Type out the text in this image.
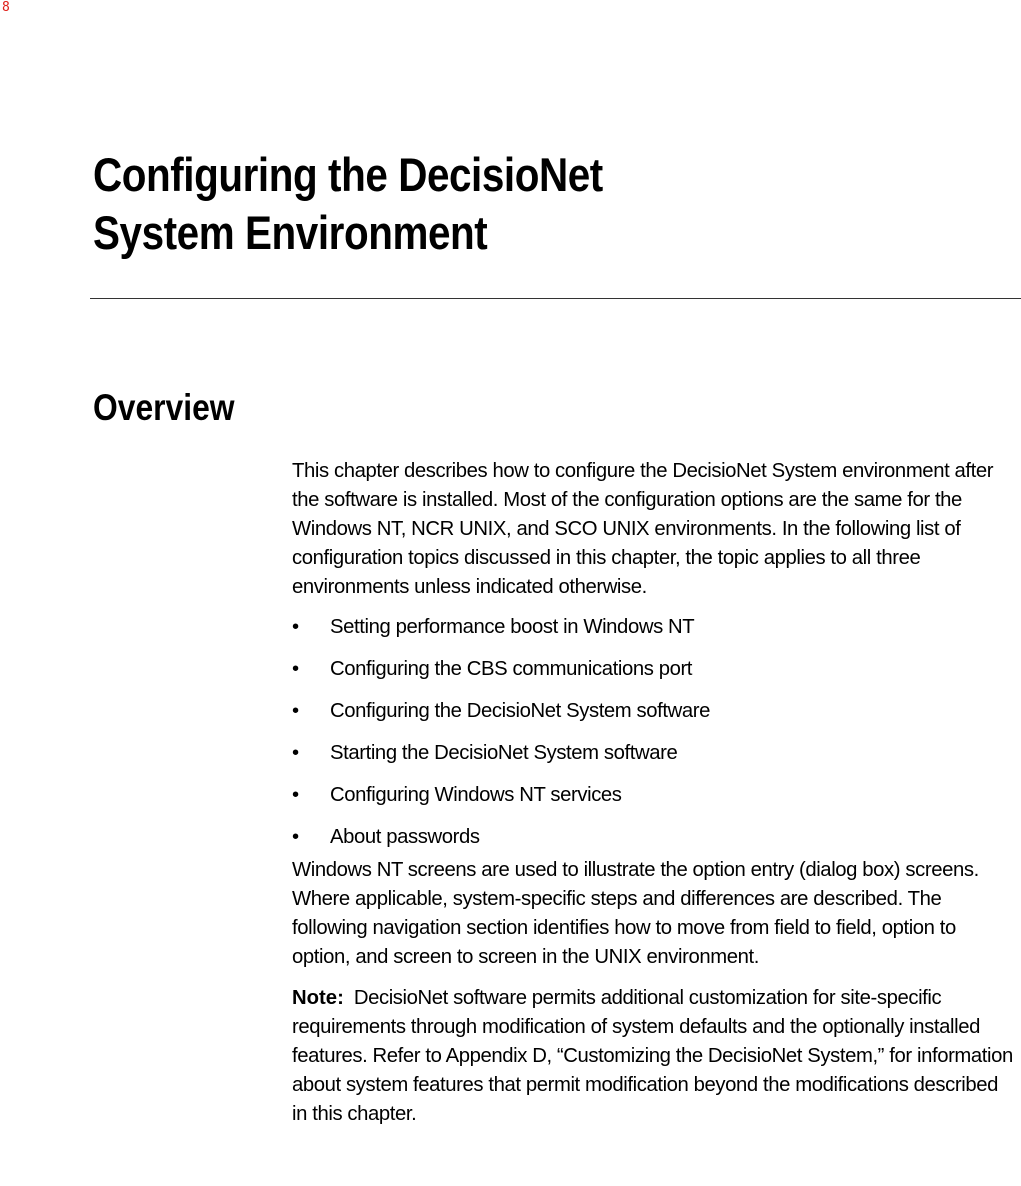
8
Configuring the DecisioNet System Environment
Overview

This chapter describes how to configure the DecisioNet System environment after the software is installed. Most of the configuration options are the same for the Windows NT, NCR UNIX, and SCO UNIX environments. In the following list of configuration topics discussed in this chapter, the topic applies to all three environments unless indicated otherwise.

• Setting performance boost in Windows NT
• Configuring the CBS communications port
• Configuring the DecisioNet System software
• Starting the DecisioNet System software
• Configuring Windows NT services
• About passwords

Windows NT screens are used to illustrate the option entry (dialog box) screens. Where applicable, system-specific steps and differences are described. The following navigation section identifies how to move from field to field, option to option, and screen to screen in the UNIX environment.

Note: DecisioNet software permits additional customization for site-specific requirements through modification of system defaults and the optionally installed features. Refer to Appendix D, “Customizing the DecisioNet System,” for information about system features that permit modification beyond the modifications described in this chapter.
